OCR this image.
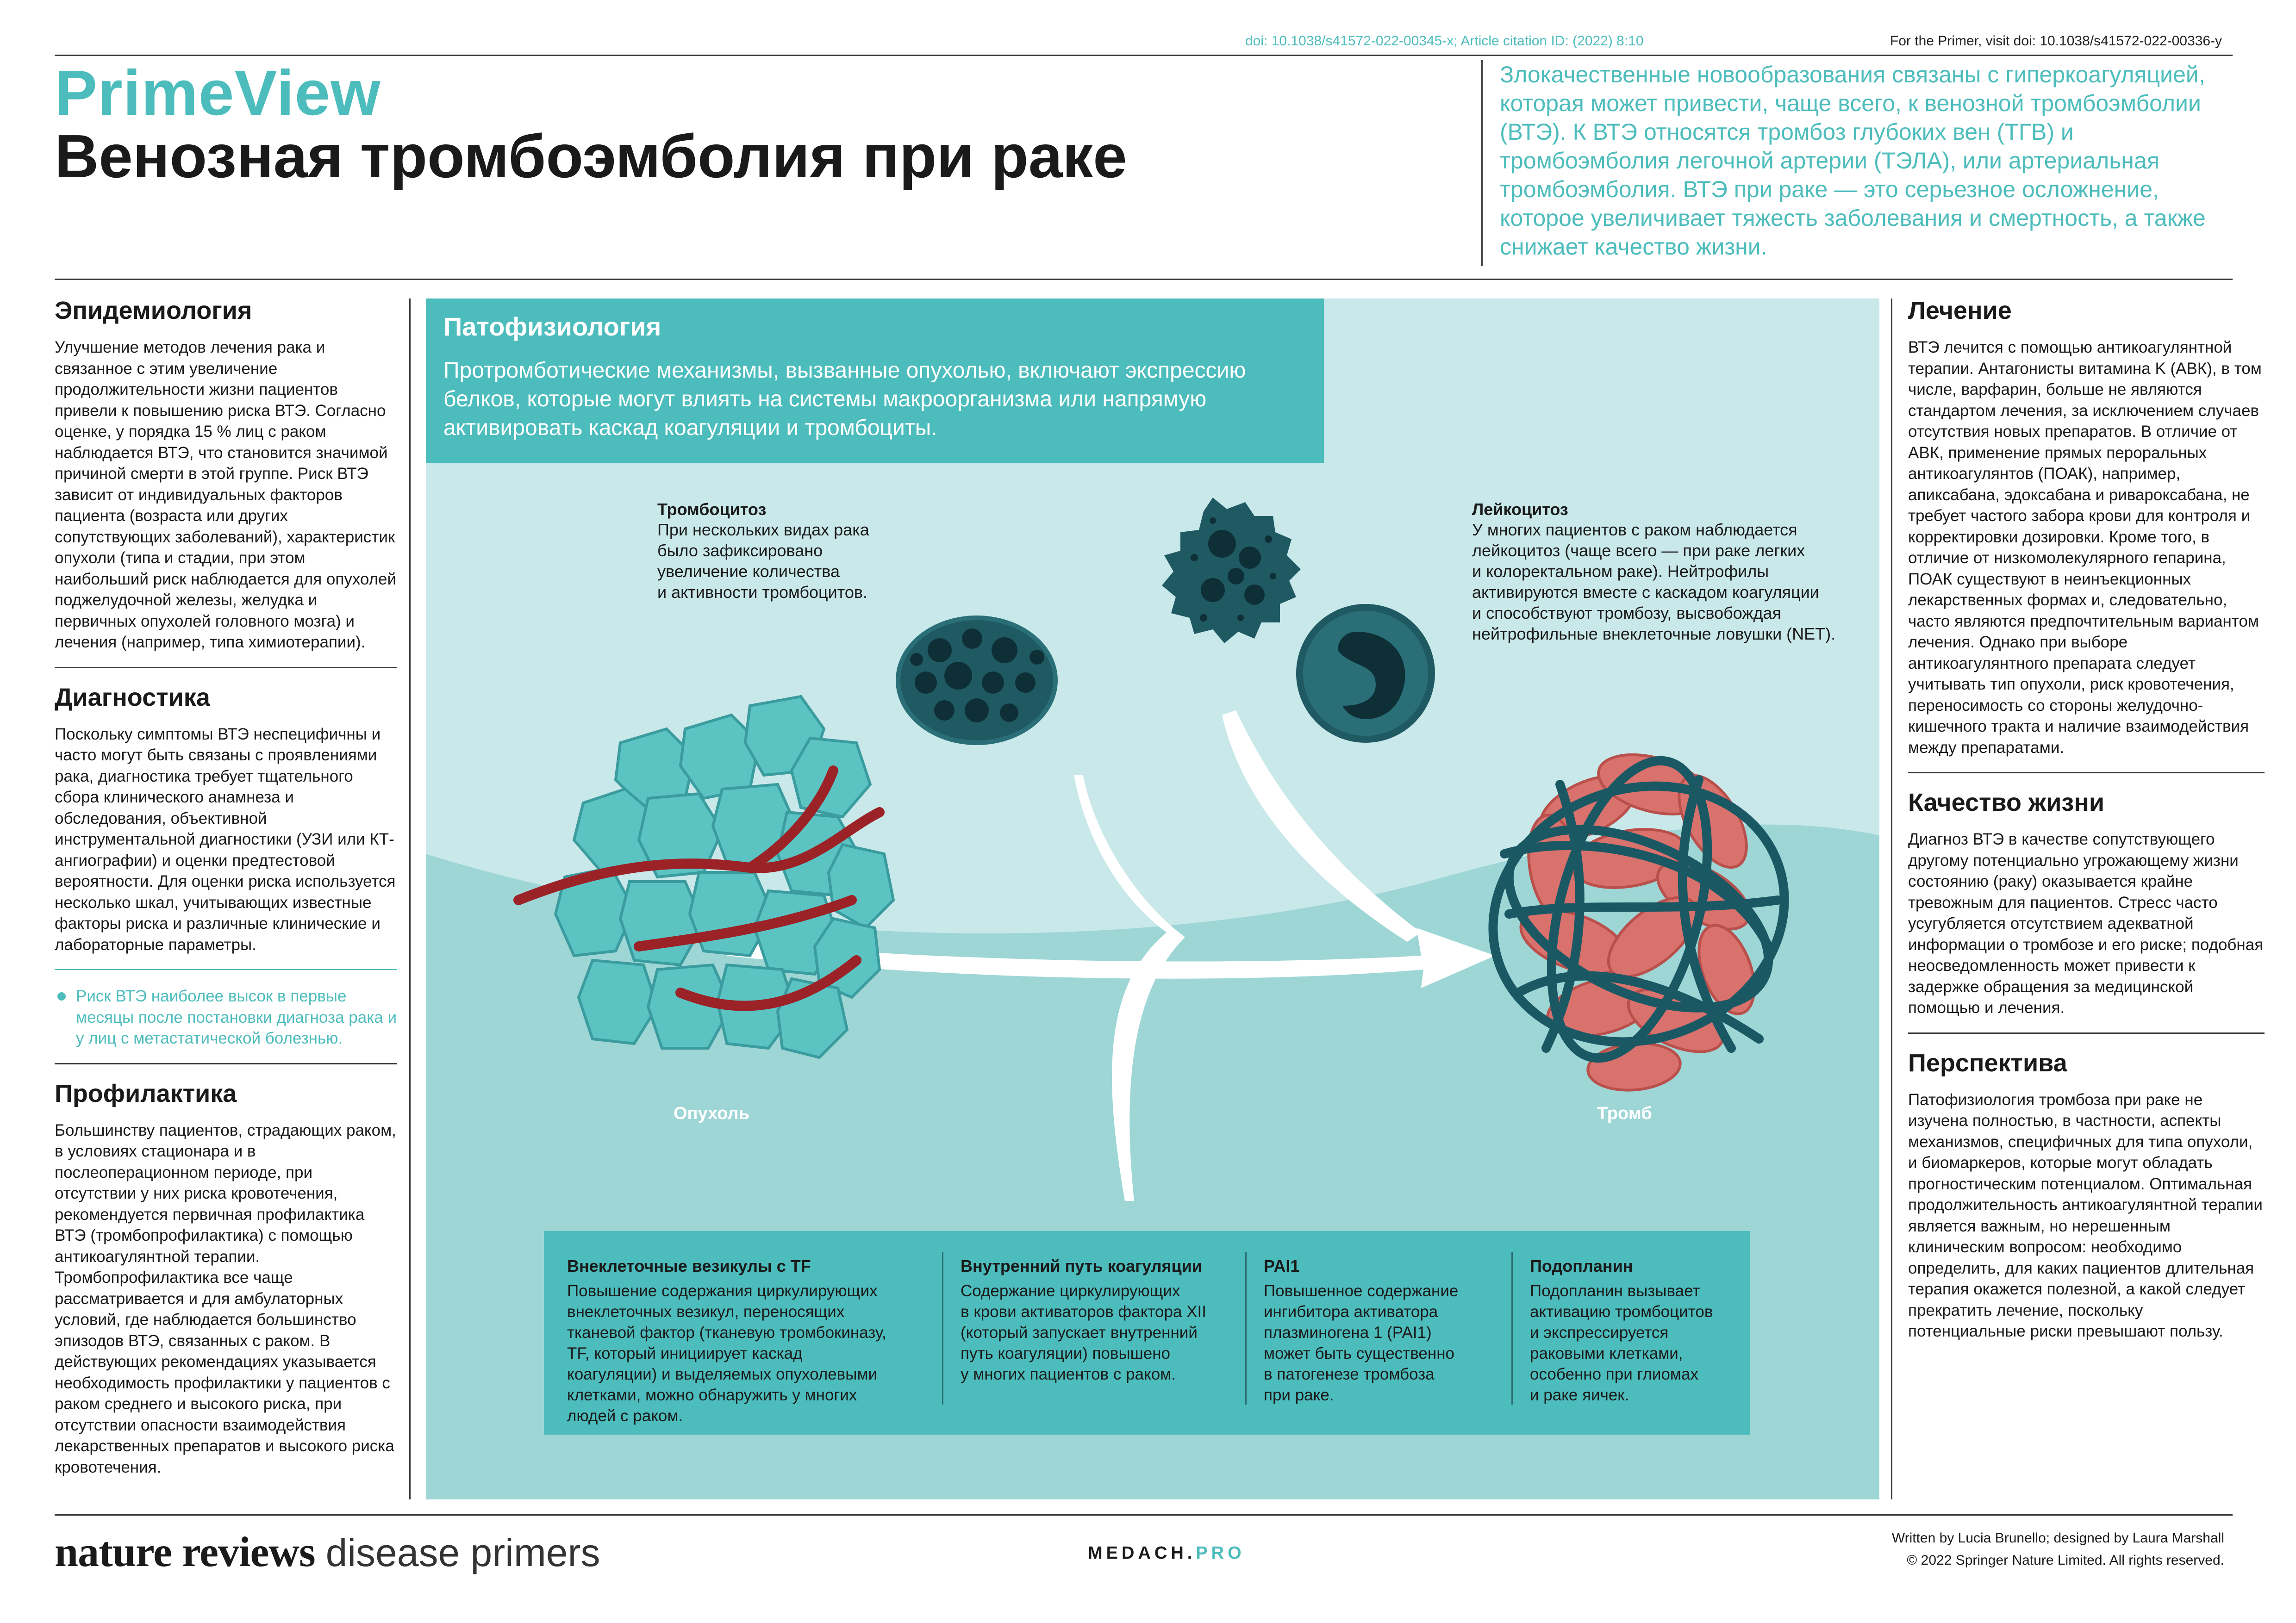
doi: 10.1038/s41572-022-00345-x; Article citation ID: (2022) 8:10	For the Primer, visit doi: 10.1038/s41572-022-00336-y
PrimeView
Венозная тромбоэмболия при раке
Злокачественные новообразования связаны с гиперкоагуляцией, которая может привести, чаще всего, к венозной тромбоэмболии (ВТЭ). К ВТЭ относятся тромбоз глубоких вен (ТГВ) и тромбоэмболия легочной артерии (ТЭЛА), или артериальная тромбоэмболия. ВТЭ при раке — это серьезное осложнение, которое увеличивает тяжесть заболевания и смертность, а также снижает качество жизни.
Эпидемиология

Улучшение методов лечения рака и связанное с этим увеличение продолжительности жизни пациентов привели к повышению риска ВТЭ. Согласно оценке, у порядка 15 % лиц с раком наблюдается ВТЭ, что становится значимой причиной смерти в этой группе. Риск ВТЭ зависит от индивидуальных факторов пациента (возраста или других сопутствующих заболеваний), характеристик опухоли (типа и стадии, при этом наибольший риск наблюдается для опухолей поджелудочной железы, желудка и первичных опухолей головного мозга) и лечения (например, типа химиотерапии).

Диагностика

Поскольку симптомы ВТЭ неспецифичны и часто могут быть связаны с проявлениями рака, диагностика требует тщательного сбора клинического анамнеза и обследования, объективной инструментальной диагностики (УЗИ или КТ-ангиографии) и оценки предтестовой вероятности. Для оценки риска используется несколько шкал, учитывающих известные факторы риска и различные клинические и лабораторные параметры.

Риск ВТЭ наиболее высок в первые месяцы после постановки диагноза рака и у лиц с метастатической болезнью.
Профилактика

Большинству пациентов, страдающих раком, в условиях стационара и в послеоперационном периоде, при отсутствии у них риска кровотечения, рекомендуется первичная профилактика ВТЭ (тромбопрофилактика) с помощью антикоагулянтной терапии. Тромбопрофилактика все чаще рассматривается и для амбулаторных условий, где наблюдается большинство эпизодов ВТЭ, связанных с раком. В действующих рекомендациях указывается необходимость профилактики у пациентов с раком среднего и высокого риска, при отсутствии опасности взаимодействия лекарственных препаратов и высокого риска кровотечения.

Патофизиология
Протромботические механизмы, вызванные опухолью, включают экспрессию белков, которые могут влиять на системы макроорганизма или напрямую активировать каскад коагуляции и тромбоциты.
Тромбоцитоз
При нескольких видах рака
было зафиксировано
увеличение количества
и активности тромбоцитов.
Лейкоцитоз
У многих пациентов с раком наблюдается
лейкоцитоз (чаще всего — при раке легких
и колоректальном раке). Нейтрофилы
активируются вместе с каскадом коагуляции
и способствуют тромбозу, высвобождая
нейтрофильные внеклеточные ловушки (NET).
Опухоль	Тромб
Внеклеточные везикулы с TF
Повышение содержания циркулирующих
внеклеточных везикул, переносящих
тканевой фактор (тканевую тромбокиназу,
TF, который инициирует каскад
коагуляции) и выделяемых опухолевыми
клетками, можно обнаружить у многих
людей с раком.
Внутренний путь коагуляции
Содержание циркулирующих
в крови активаторов фактора XII
(который запускает внутренний
путь коагуляции) повышено
у многих пациентов с раком.
PAI1
Повышенное содержание
ингибитора активатора
плазминогена 1 (PAI1)
может быть существенно
в патогенезе тромбоза
при раке.
Подопланин
Подопланин вызывает
активацию тромбоцитов
и экспрессируется
раковыми клетками,
особенно при глиомах
и раке яичек.
Лечение

ВТЭ лечится с помощью антикоагулянтной терапии. Антагонисты витамина K (АВК), в том числе, варфарин, больше не являются стандартом лечения, за исключением случаев отсутствия новых препаратов. В отличие от АВК, применение прямых пероральных антикоагулянтов (ПОАК), например, апиксабана, эдоксабана и ривароксабана, не требует частого забора крови для контроля и корректировки дозировки. Кроме того, в отличие от низкомолекулярного гепарина, ПОАК существуют в неинъекционных лекарственных формах и, следовательно, часто являются предпочтительным вариантом лечения. Однако при выборе антикоагулянтного препарата следует учитывать тип опухоли, риск кровотечения, переносимость со стороны желудочно-кишечного тракта и наличие взаимодействия между препаратами.

Качество жизни

Диагноз ВТЭ в качестве сопутствующего другому потенциально угрожающему жизни состоянию (раку) оказывается крайне тревожным для пациентов. Стресс часто усугубляется отсутствием адекватной информации о тромбозе и его риске; подобная неосведомленность может привести к задержке обращения за медицинской помощью и лечения.

Перспектива

Патофизиология тромбоза при раке не изучена полностью, в частности, аспекты механизмов, специфичных для типа опухоли, и биомаркеров, которые могут обладать прогностическим потенциалом. Оптимальная продолжительность антикоагулянтной терапии является важным, но нерешенным клиническим вопросом: необходимо определить, для каких пациентов длительная терапия окажется полезной, а какой следует прекратить лечение, поскольку потенциальные риски превышают пользу.

nature reviews disease primers	MEDACH.PRO
Written by Lucia Brunello; designed by Laura Marshall
© 2022 Springer Nature Limited. All rights reserved.
